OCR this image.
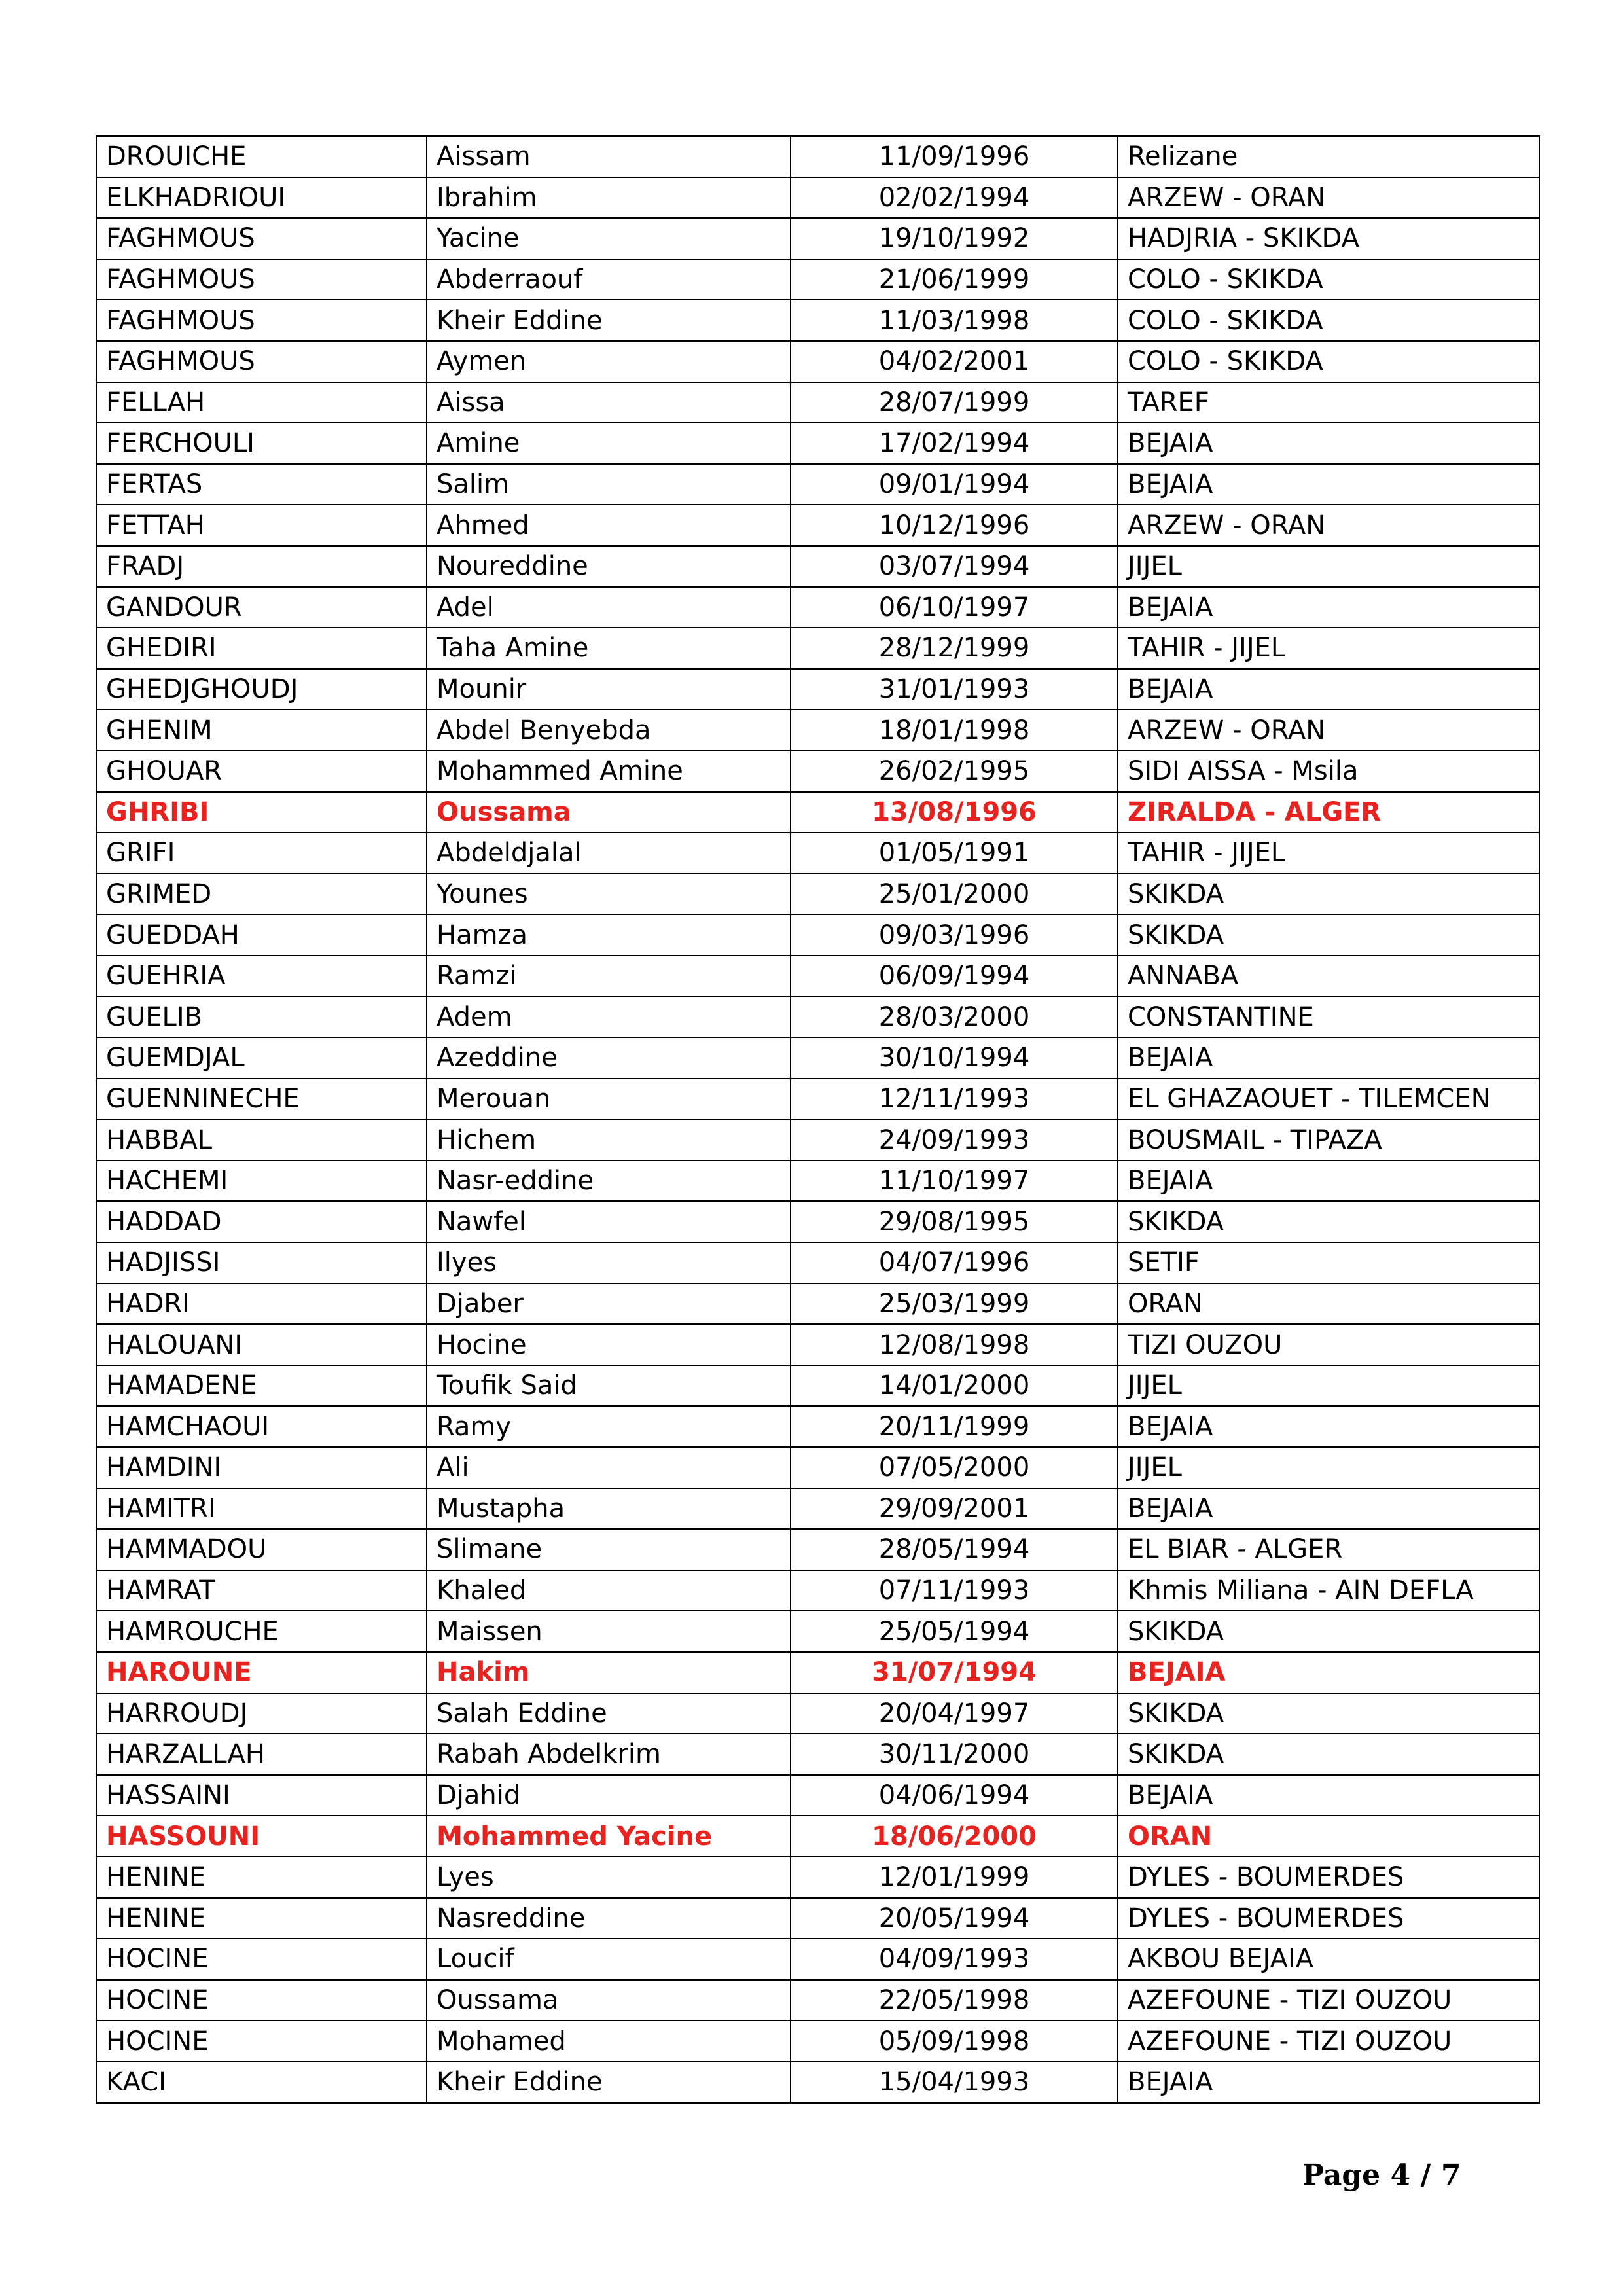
DROUICHE	Aissam	11/09/1996	Relizane
ELKHADRIOUI	Ibrahim	02/02/1994	ARZEW - ORAN
FAGHMOUS	Yacine	19/10/1992	HADJRIA - SKIKDA
FAGHMOUS	Abderraouf	21/06/1999	COLO - SKIKDA
FAGHMOUS	Kheir Eddine	11/03/1998	COLO - SKIKDA
FAGHMOUS	Aymen	04/02/2001	COLO - SKIKDA
FELLAH	Aissa	28/07/1999	TAREF
FERCHOULI	Amine	17/02/1994	BEJAIA
FERTAS	Salim	09/01/1994	BEJAIA
FETTAH	Ahmed	10/12/1996	ARZEW - ORAN
FRADJ	Noureddine	03/07/1994	JIJEL
GANDOUR	Adel	06/10/1997	BEJAIA
GHEDIRI	Taha Amine	28/12/1999	TAHIR - JIJEL
GHEDJGHOUDJ	Mounir	31/01/1993	BEJAIA
GHENIM	Abdel Benyebda	18/01/1998	ARZEW - ORAN
GHOUAR	Mohammed Amine	26/02/1995	SIDI AISSA - Msila
GHRIBI	Oussama	13/08/1996	ZIRALDA - ALGER
GRIFI	Abdeldjalal	01/05/1991	TAHIR - JIJEL
GRIMED	Younes	25/01/2000	SKIKDA
GUEDDAH	Hamza	09/03/1996	SKIKDA
GUEHRIA	Ramzi	06/09/1994	ANNABA
GUELIB	Adem	28/03/2000	CONSTANTINE
GUEMDJAL	Azeddine	30/10/1994	BEJAIA
GUENNINECHE	Merouan	12/11/1993	EL GHAZAOUET - TILEMCEN
HABBAL	Hichem	24/09/1993	BOUSMAIL - TIPAZA
HACHEMI	Nasr-eddine	11/10/1997	BEJAIA
HADDAD	Nawfel	29/08/1995	SKIKDA
HADJISSI	Ilyes	04/07/1996	SETIF
HADRI	Djaber	25/03/1999	ORAN
HALOUANI	Hocine	12/08/1998	TIZI OUZOU
HAMADENE	Toufik Said	14/01/2000	JIJEL
HAMCHAOUI	Ramy	20/11/1999	BEJAIA
HAMDINI	Ali	07/05/2000	JIJEL
HAMITRI	Mustapha	29/09/2001	BEJAIA
HAMMADOU	Slimane	28/05/1994	EL BIAR - ALGER
HAMRAT	Khaled	07/11/1993	Khmis Miliana - AIN DEFLA
HAMROUCHE	Maissen	25/05/1994	SKIKDA
HAROUNE	Hakim	31/07/1994	BEJAIA
HARROUDJ	Salah Eddine	20/04/1997	SKIKDA
HARZALLAH	Rabah Abdelkrim	30/11/2000	SKIKDA
HASSAINI	Djahid	04/06/1994	BEJAIA
HASSOUNI	Mohammed Yacine	18/06/2000	ORAN
HENINE	Lyes	12/01/1999	DYLES - BOUMERDES
HENINE	Nasreddine	20/05/1994	DYLES - BOUMERDES
HOCINE	Loucif	04/09/1993	AKBOU BEJAIA
HOCINE	Oussama	22/05/1998	AZEFOUNE - TIZI OUZOU
HOCINE	Mohamed	05/09/1998	AZEFOUNE - TIZI OUZOU
KACI	Kheir Eddine	15/04/1993	BEJAIA
Page 4 / 7
